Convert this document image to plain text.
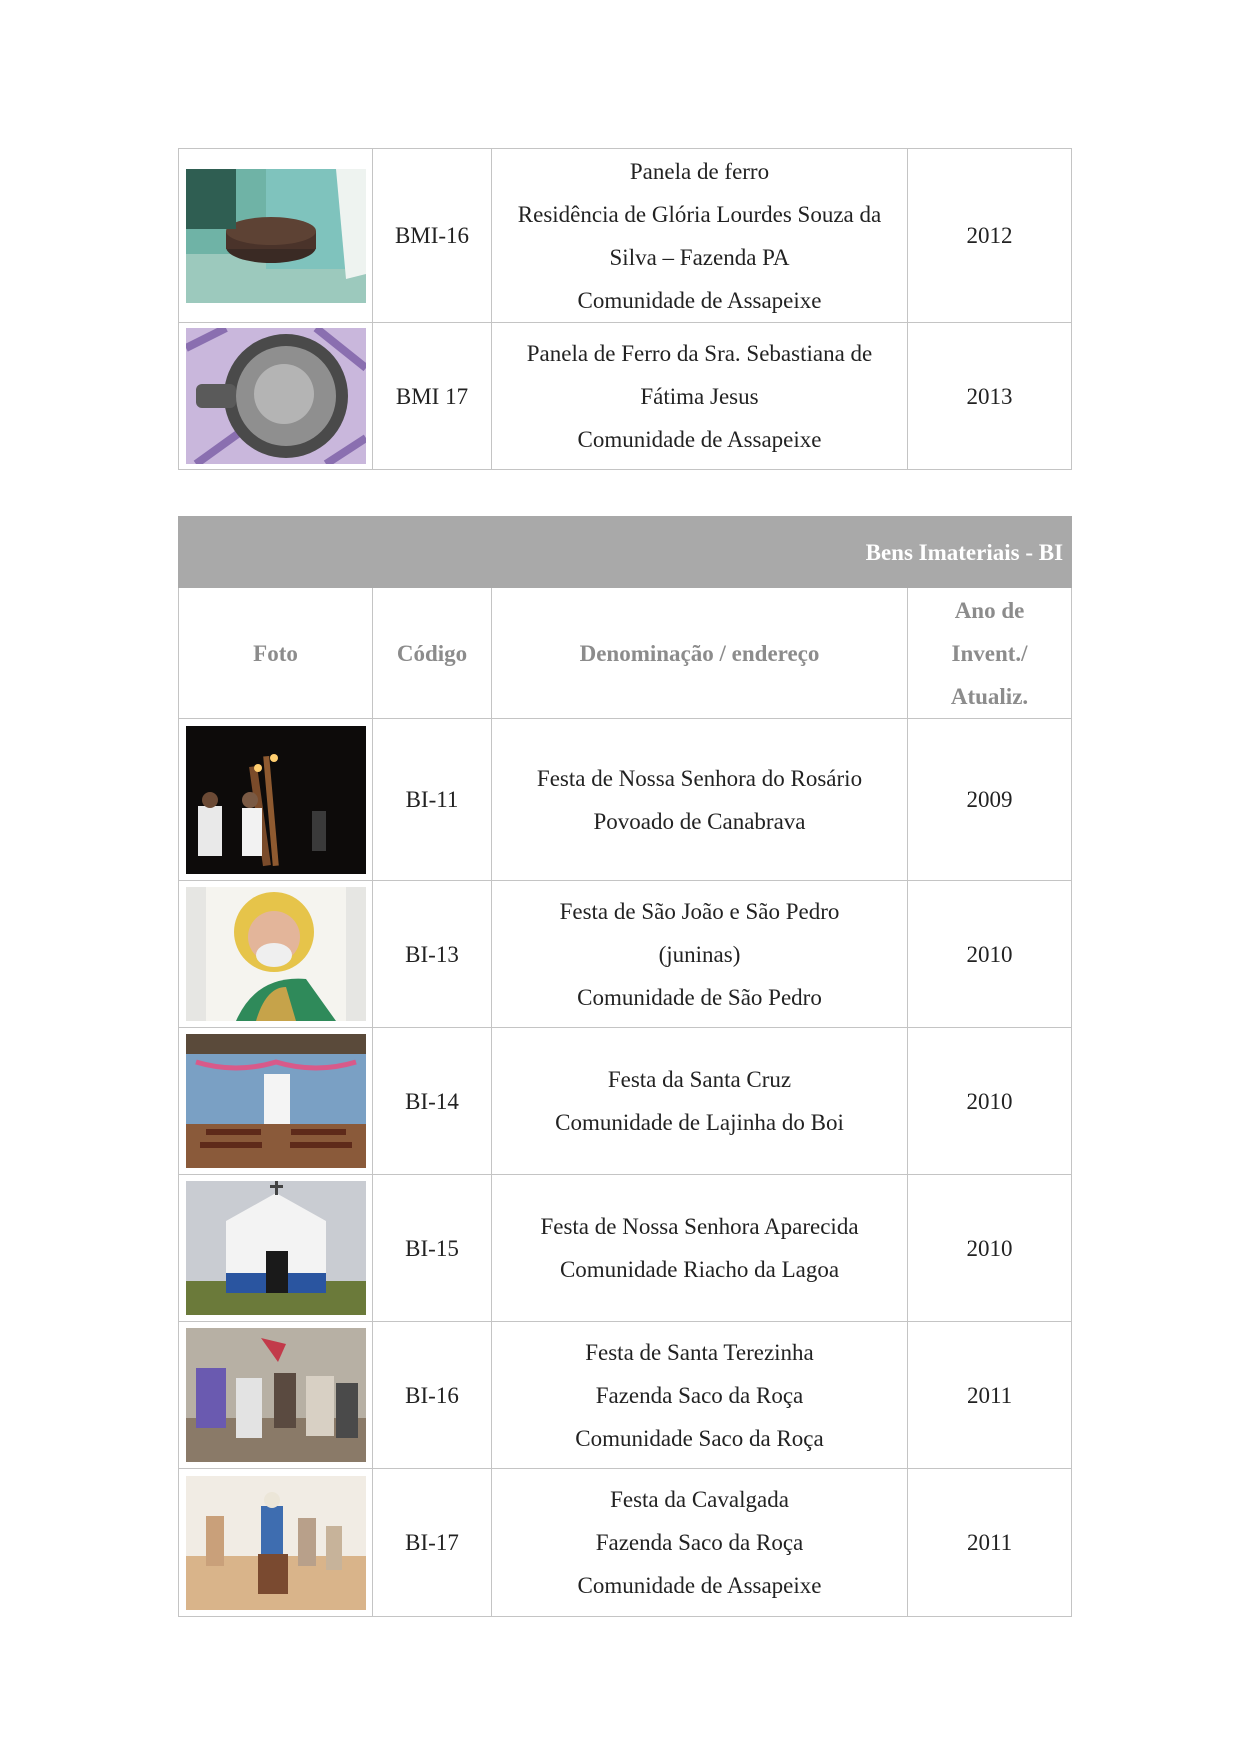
	BMI-16	Panela de ferro
Residência de Glória Lourdes Souza da
Silva – Fazenda PA
Comunidade de Assapeixe	2012

	BMI 17	Panela de Ferro da Sra. Sebastiana de
Fátima Jesus
Comunidade de Assapeixe	2013
Bens Imateriais - BI			
Foto	Código	Denominação / endereço	Ano de
Invent./
Atualiz.

	BI-11	Festa de Nossa Senhora do Rosário
Povoado de Canabrava	2009

	BI-13	Festa de São João e São Pedro
(juninas)
Comunidade de São Pedro	2010

	BI-14	Festa da Santa Cruz
Comunidade de Lajinha do Boi	2010

	BI-15	Festa de Nossa Senhora Aparecida
Comunidade Riacho da Lagoa	2010

	BI-16	Festa de Santa Terezinha
Fazenda Saco da Roça
Comunidade Saco da Roça	2011

	BI-17	Festa da Cavalgada
Fazenda Saco da Roça
Comunidade de Assapeixe	2011
